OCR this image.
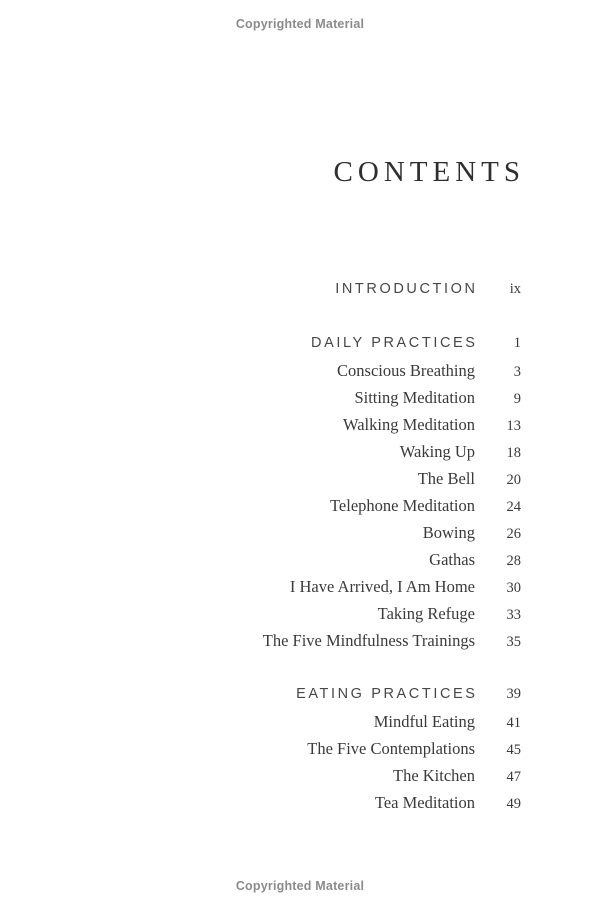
Copyrighted Material
CONTENTS
INTRODUCTION	ix
DAILY PRACTICES	1
Conscious Breathing	3
Sitting Meditation	9
Walking Meditation	13
Waking Up	18
The Bell	20
Telephone Meditation	24
Bowing	26
Gathas	28
I Have Arrived, I Am Home	30
Taking Refuge	33
The Five Mindfulness Trainings	35
EATING PRACTICES	39
Mindful Eating	41
The Five Contemplations	45
The Kitchen	47
Tea Meditation	49
Copyrighted Material
